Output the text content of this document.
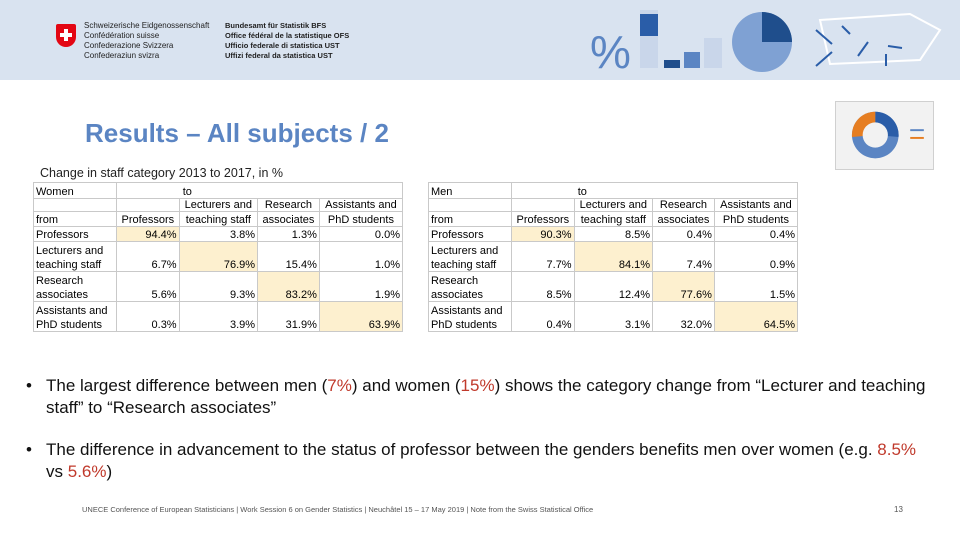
Schweizerische Eidgenossenschaft
Confédération suisse
Confederazione Svizzera
Confederaziun svizra
Bundesamt für Statistik BFS
Office fédéral de la statistique OFS
Ufficio federale di statistica UST
Uffizi federal da statistica UST	%
Results – All subjects / 2
Change in staff category 2013 to 2017, in %
Women	to			
		Lecturers and	Research	Assistants and
from	Professors	teaching staff	associates	PhD students
Professors	94.4%	3.8%	1.3%	0.0%
Lecturers and				
teaching staff	6.7%	76.9%	15.4%	1.0%
Research				
associates	5.6%	9.3%	83.2%	1.9%
Assistants and				
PhD students	0.3%	3.9%	31.9%	63.9%
Men	to			
		Lecturers and	Research	Assistants and
from	Professors	teaching staff	associates	PhD students
Professors	90.3%	8.5%	0.4%	0.4%
Lecturers and				
teaching staff	7.7%	84.1%	7.4%	0.9%
Research				
associates	8.5%	12.4%	77.6%	1.5%
Assistants and				
PhD students	0.4%	3.1%	32.0%	64.5%
• The largest difference between men (7%) and women (15%) shows the category change from “Lecturer and teaching staff” to “Research associates”
• The difference in advancement to the status of professor between the genders benefits men over women (e.g. 8.5% vs 5.6%)
UNECE Conference of European Statisticians | Work Session 6 on Gender Statistics | Neuchâtel 15 – 17 May 2019 | Note from the Swiss Statistical Office	13
